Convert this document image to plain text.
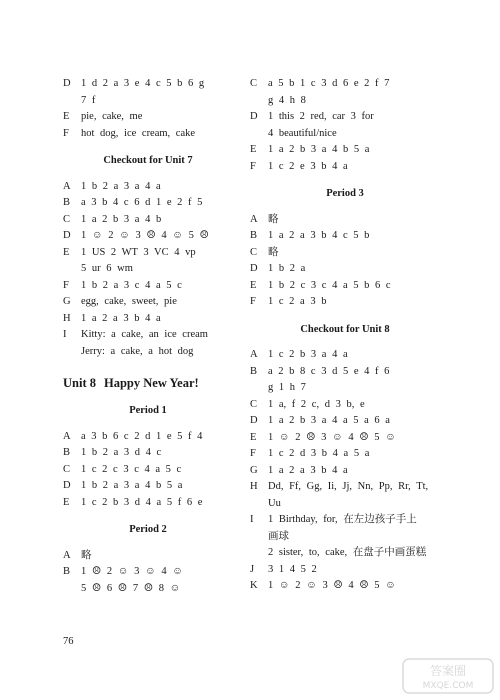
D 1 d 2 a 3 e 4 c 5 b 6 g
7 f
E	pie, cake, me
F	hot dog, ice cream, cake
Checkout for Unit 7
A 1 b 2 a 3 a 4 a
B	a 3 b 4 c 6 d 1 e 2 f 5
C	1 a 2 b 3 a 4 b
D 1 ☺ 2 ☺ 3 ☹ 4 ☺ 5 ☹
E	1 US 2 WT 3 VC 4 vp
5 ur 6 wm
F	1 b 2 a 3 c 4 a 5 c
G egg, cake, sweet, pie
H 1 a 2 a 3 b 4 a
I	Kitty: a cake, an ice cream
Jerry: a cake, a hot dog
Unit 8 Happy New Year!
Period 1
A a 3 b 6 c 2 d 1 e 5 f 4
B	1 b 2 a 3 d 4 c
C	1 c 2 c 3 c 4 a 5 c
D 1 b 2 a 3 a 4 b 5 a
E	1 c 2 b 3 d 4 a 5 f 6 e
Period 2
A 略
B	1 ☹ 2 ☺ 3 ☺ 4 ☺
5 ☹ 6 ☹ 7 ☹ 8 ☺
C	a 5 b 1 c 3 d 6 e 2 f 7
g 4 h 8
D 1 this 2 red, car 3 for
4 beautiful/nice
E	1 a 2 b 3 a 4 b 5 a
F	1 c 2 e 3 b 4 a
Period 3
A 略
B	1 a 2 a 3 b 4 c 5 b
C	略
D 1 b 2 a
E	1 b 2 c 3 c 4 a 5 b 6 c
F	1 c 2 a 3 b
Checkout for Unit 8
A 1 c 2 b 3 a 4 a
B	a 2 b 8 c 3 d 5 e 4 f 6
g 1 h 7
C	1 a, f 2 c, d 3 b, e
D 1 a 2 b 3 a 4 a 5 a 6 a
E	1 ☺ 2 ☹ 3 ☺ 4 ☹ 5 ☺
F	1 c 2 d 3 b 4 a 5 a
G 1 a 2 a 3 b 4 a
H Dd, Ff, Gg, Ii, Jj, Nn, Pp, Rr, Tt,
Uu
I	1 Birthday, for, 在左边孩子手上
画球
2 sister, to, cake, 在盘子中画蛋糕
J	3 1 4 5 2
K 1 ☺ 2 ☺ 3 ☹ 4 ☹ 5 ☺
76
答案圈
MXQE.COM
